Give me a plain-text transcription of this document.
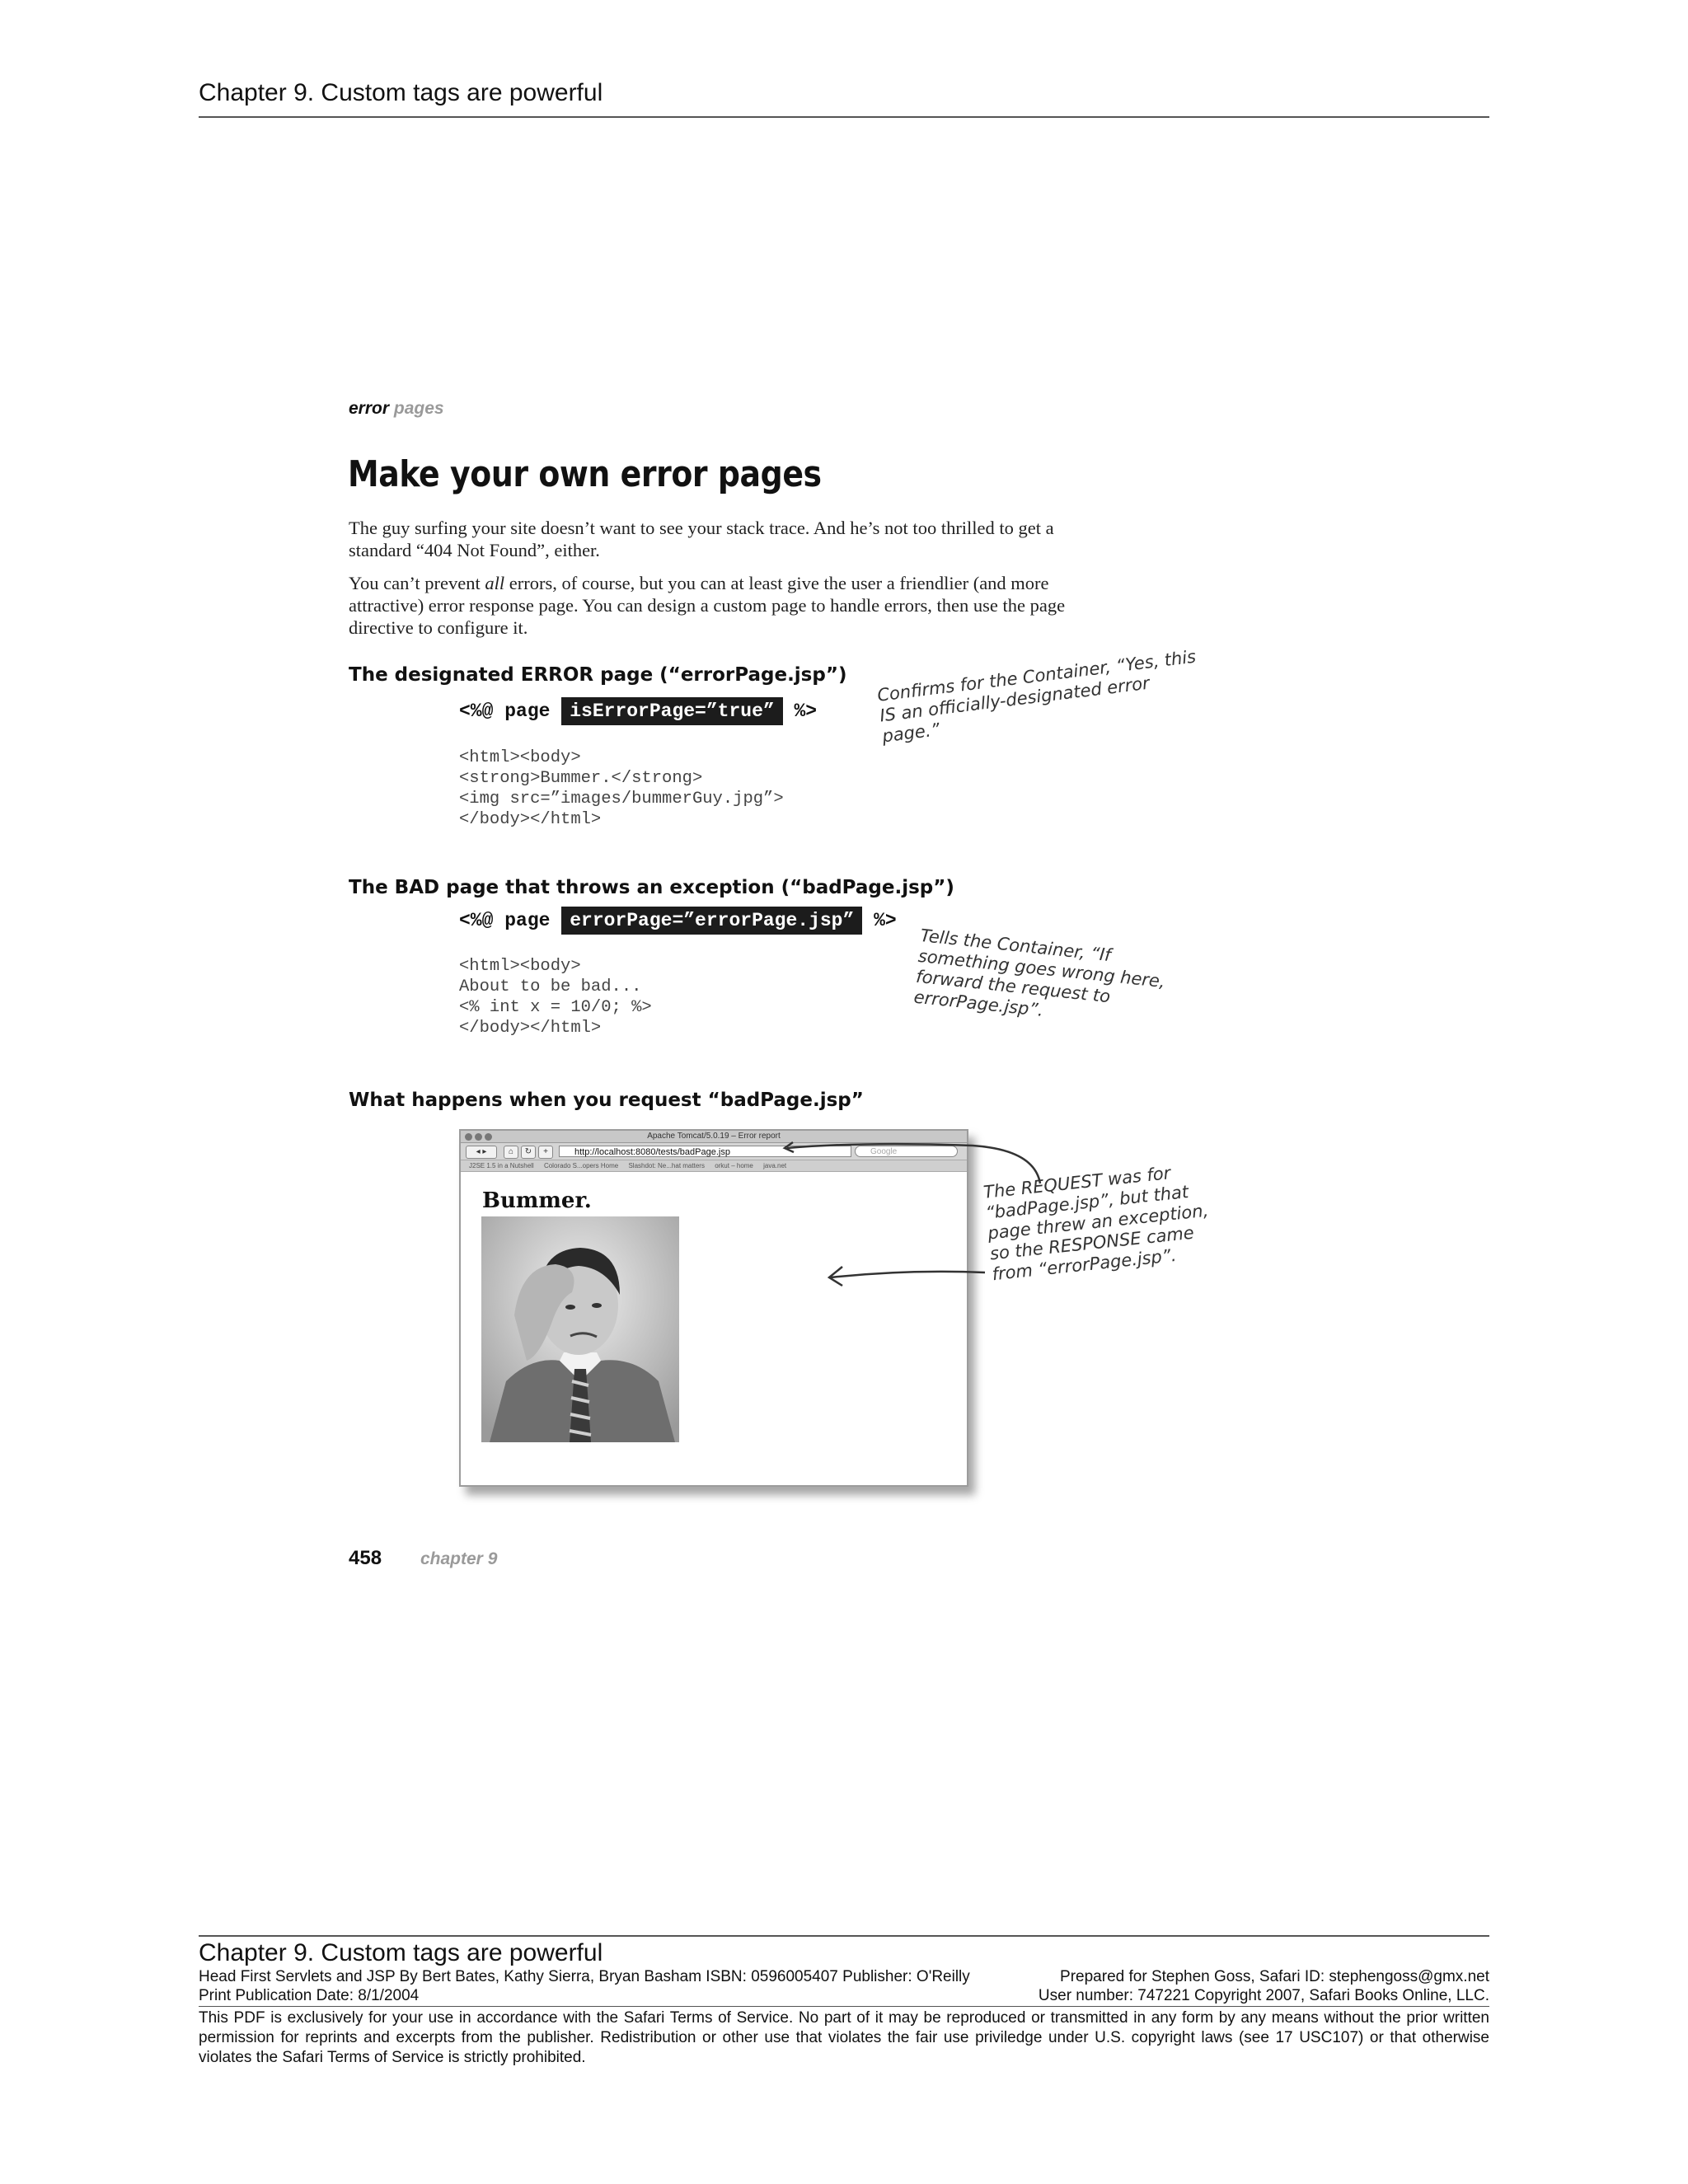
Chapter 9. Custom tags are powerful
error pages
Make your own error pages
The guy surfing your site doesn’t want to see your stack trace. And he’s not too thrilled to get a standard “404 Not Found”, either.
You can’t prevent all errors, of course, but you can at least give the user a friendlier (and more attractive) error response page. You can design a custom page to handle errors, then use the page directive to configure it.
The designated ERROR page (“errorPage.jsp”)
<%@ page isErrorPage=”true” %>
<html><body>
<strong>Bummer.</strong>
<img src=”images/bummerGuy.jpg”>
</body></html>
Confirms for the Container, “Yes, this IS an officially-designated error page.”
The BAD page that throws an exception (“badPage.jsp”)
<%@ page errorPage=”errorPage.jsp” %>
<html><body>
About to be bad...
<% int x = 10/0; %>
</body></html>
Tells the Container, “If something goes wrong here, forward the request to errorPage.jsp”.
What happens when you request “badPage.jsp”
Apache Tomcat/5.0.19 – Error report
◂ ▸	⌂	↻	+	http://localhost:8080/tests/badPage.jsp	Google
J2SE 1.5 in a Nutshell Colorado S...opers Home Slashdot: Ne...hat matters orkut – home java.net
Bummer.	The REQUEST was for “badPage.jsp”, but that page threw an exception, so the RESPONSE came from “errorPage.jsp”.
458 chapter 9
Chapter 9. Custom tags are powerful
Head First Servlets and JSP By Bert Bates, Kathy Sierra, Bryan Basham ISBN: 0596005407 Publisher: O'Reilly	Prepared for Stephen Goss, Safari ID: stephengoss@gmx.net
Print Publication Date: 8/1/2004	User number: 747221 Copyright 2007, Safari Books Online, LLC.
This PDF is exclusively for your use in accordance with the Safari Terms of Service. No part of it may be reproduced or transmitted in any form by any means without the prior written permission for reprints and excerpts from the publisher. Redistribution or other use that violates the fair use priviledge under U.S. copyright laws (see 17 USC107) or that otherwise violates the Safari Terms of Service is strictly prohibited.
